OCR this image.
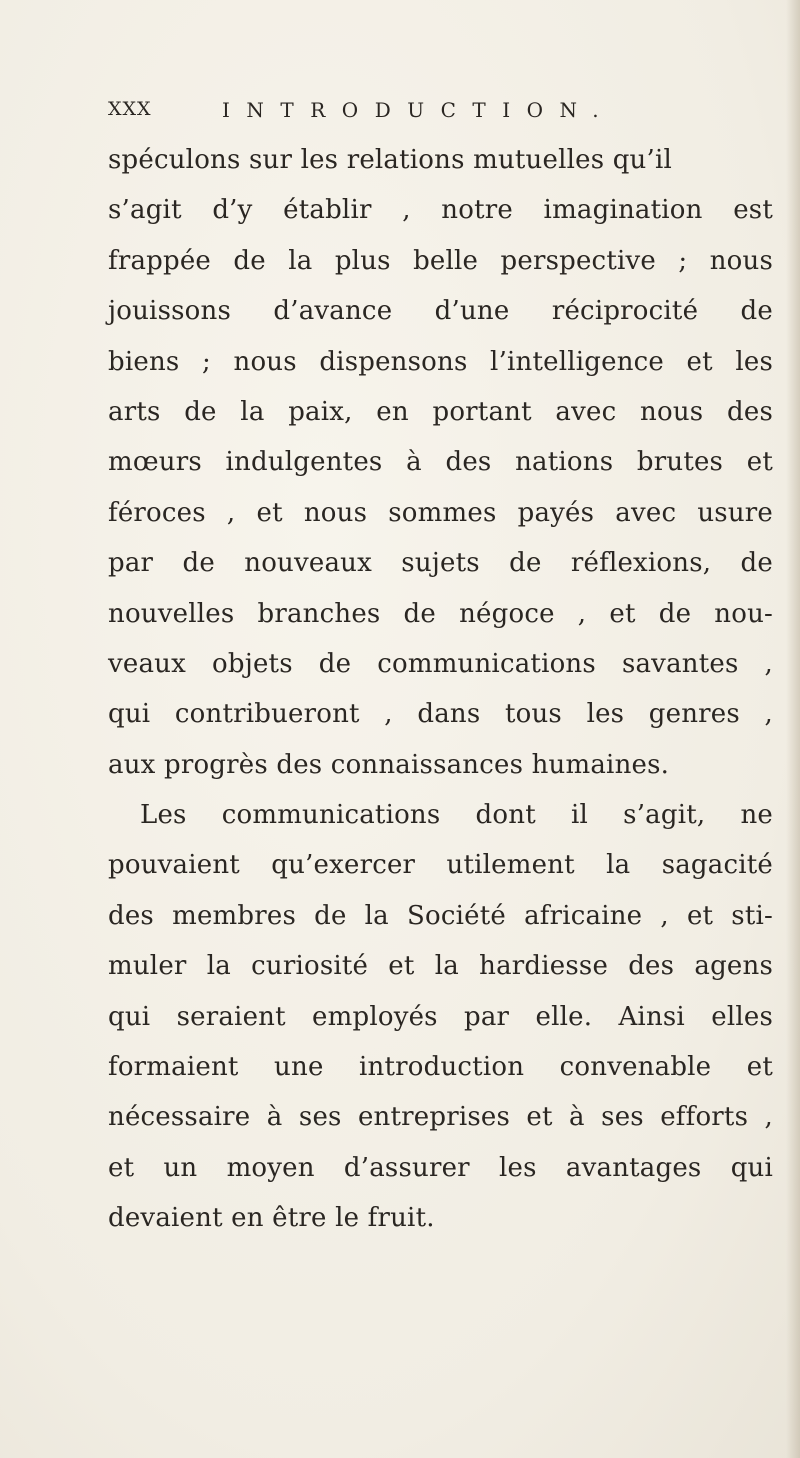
XXX	INTRODUCTION.
spéculons sur les relations mutuelles qu’il
s’agit d’y établir , notre imagination est
frappée de la plus belle perspective ; nous
jouissons d’avance d’une réciprocité de
biens ; nous dispensons l’intelligence et les
arts de la paix, en portant avec nous des
mœurs indulgentes à des nations brutes et
féroces , et nous sommes payés avec usure
par de nouveaux sujets de réflexions, de
nouvelles branches de négoce , et de nou-
veaux objets de communications savantes ,
qui contribueront , dans tous les genres ,
aux progrès des connaissances humaines.
Les communications dont il s’agit, ne
pouvaient qu’exercer utilement la sagacité
des membres de la Société africaine , et sti-
muler la curiosité et la hardiesse des agens
qui seraient employés par elle. Ainsi elles
formaient une introduction convenable et
nécessaire à ses entreprises et à ses efforts ,
et un moyen d’assurer les avantages qui
devaient en être le fruit.
